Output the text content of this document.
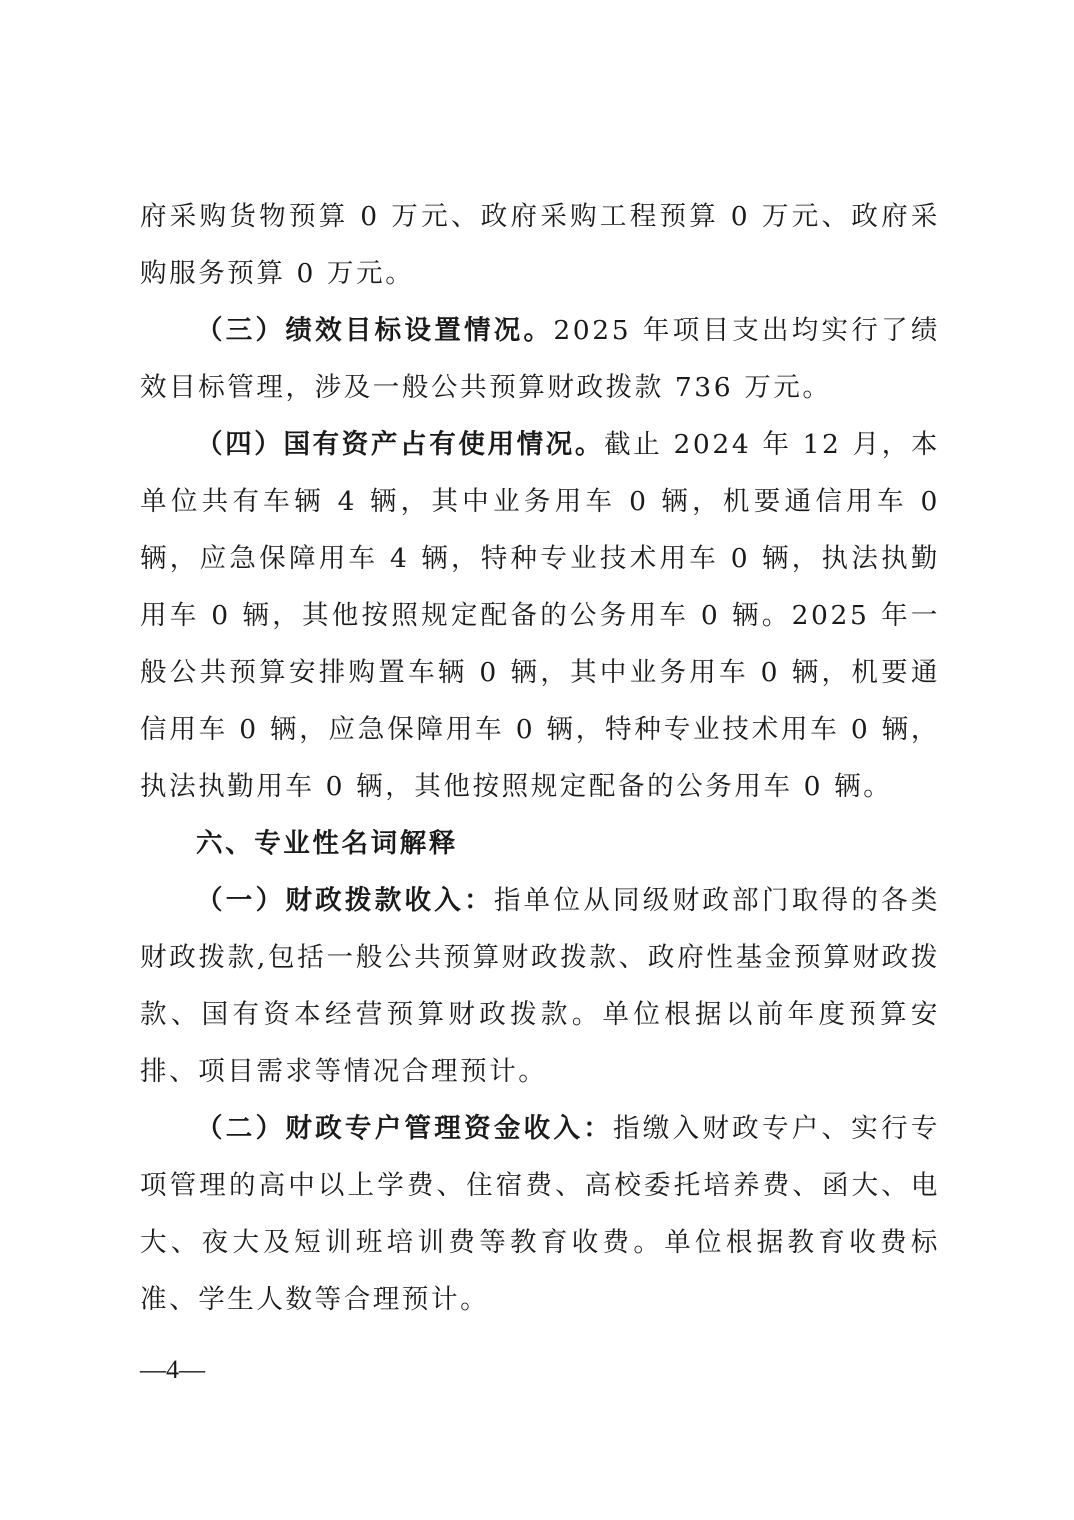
府采购货物预算 0 万元、政府采购工程预算 0 万元、政府采购服务预算 0 万元。

（三）绩效目标设置情况。2025 年项目支出均实行了绩效目标管理，涉及一般公共预算财政拨款 736 万元。

（四）国有资产占有使用情况。截止 2024 年 12 月，本单位共有车辆 4 辆，其中业务用车 0 辆，机要通信用车 0 辆，应急保障用车 4 辆，特种专业技术用车 0 辆，执法执勤用车 0 辆，其他按照规定配备的公务用车 0 辆。2025 年一般公共预算安排购置车辆 0 辆，其中业务用车 0 辆，机要通信用车 0 辆，应急保障用车 0 辆，特种专业技术用车 0 辆，执法执勤用车 0 辆，其他按照规定配备的公务用车 0 辆。

六、专业性名词解释

（一）财政拨款收入：指单位从同级财政部门取得的各类财政拨款,包括一般公共预算财政拨款、政府性基金预算财政拨款、国有资本经营预算财政拨款。单位根据以前年度预算安排、项目需求等情况合理预计。

（二）财政专户管理资金收入：指缴入财政专户、实行专项管理的高中以上学费、住宿费、高校委托培养费、函大、电大、夜大及短训班培训费等教育收费。单位根据教育收费标准、学生人数等合理预计。

—4—
